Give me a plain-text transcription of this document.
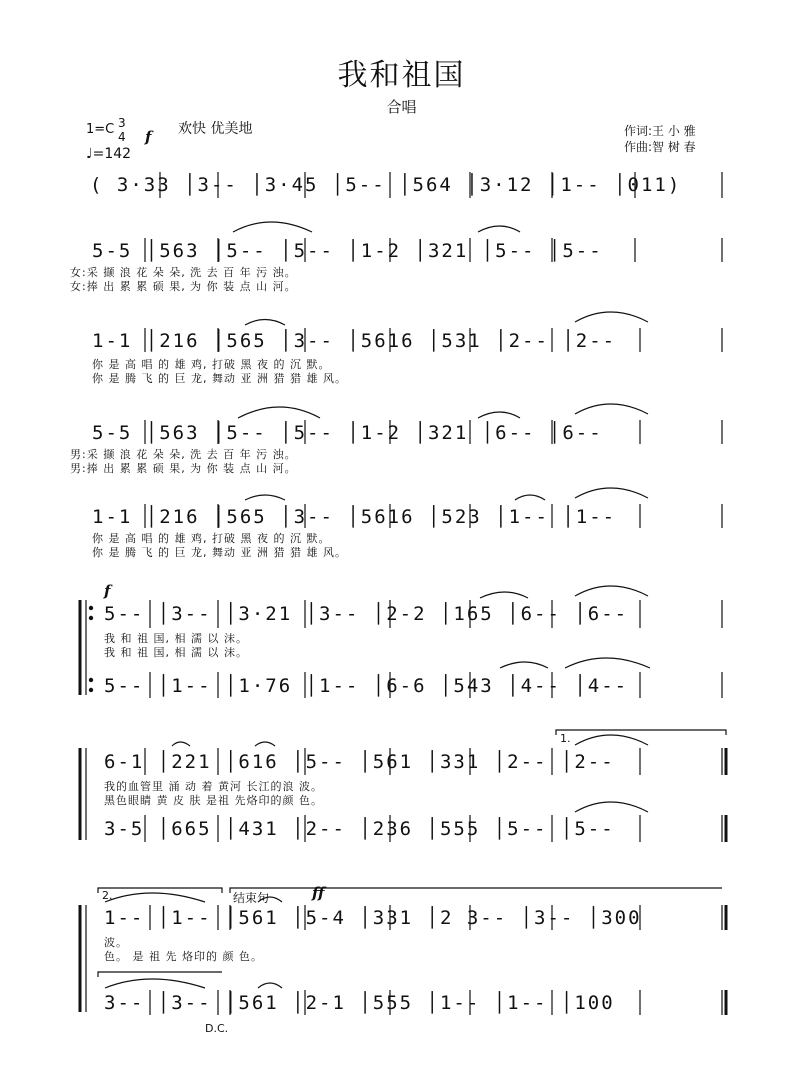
我和祖国
合唱
1=C 3
4 f
♩=142
欢快 优美地	作词:王 小 雅
作曲:智 树 春
( 3·33 │3-- │3·45 │5-- │564 │3·12 │1-- │011)
5-5 │563 │5-- │5-- │1-2 │321 │5-- │5--
女:采 撷 浪 花 朵 朵, 洗 去 百 年 污 浊。
女:捧 出 累 累 硕 果, 为 你 装 点 山 河。
1-1 │216 │565 │3-- │5616 │531 │2-- │2--
你 是 高 唱 的 雄 鸡, 打破 黑 夜 的 沉 默。
你 是 腾 飞 的 巨 龙, 舞动 亚 洲 猎 猎 雄 风。
5-5 │563 │5-- │5-- │1-2 │321 │6-- │6--
男:采 撷 浪 花 朵 朵, 洗 去 百 年 污 浊。
男:捧 出 累 累 硕 果, 为 你 装 点 山 河。
1-1 │216 │565 │3-- │5616 │523 │1-- │1--
你 是 高 唱 的 雄 鸡, 打破 黑 夜 的 沉 默。
你 是 腾 飞 的 巨 龙, 舞动 亚 洲 猎 猎 雄 风。
f
5-- │3-- │3·21 │3-- │2-2 │165 │6-- │6--
我 和 祖 国, 相 濡 以 沫。
我 和 祖 国, 相 濡 以 沫。
5-- │1-- │1·76 │1-- │6-6 │543 │4-- │4--
1.
6-1 │221 │616 │5-- │561 │331 │2-- │2--
我的血管里 涌 动 着 黄河 长江的浪 波。
黑色眼睛 黄 皮 肤 是祖 先烙印的颜 色。
3-5 │665 │431 │2-- │236 │555 │5-- │5--
2.	结束句	ff
1-- │1-- │561 │5-4 │331 │2 3-- │3-- │300
波。
色。 是 祖 先 烙印的 颜 色。
3-- │3-- │561 │2-1 │555 │1-- │1-- │100
D.C.
